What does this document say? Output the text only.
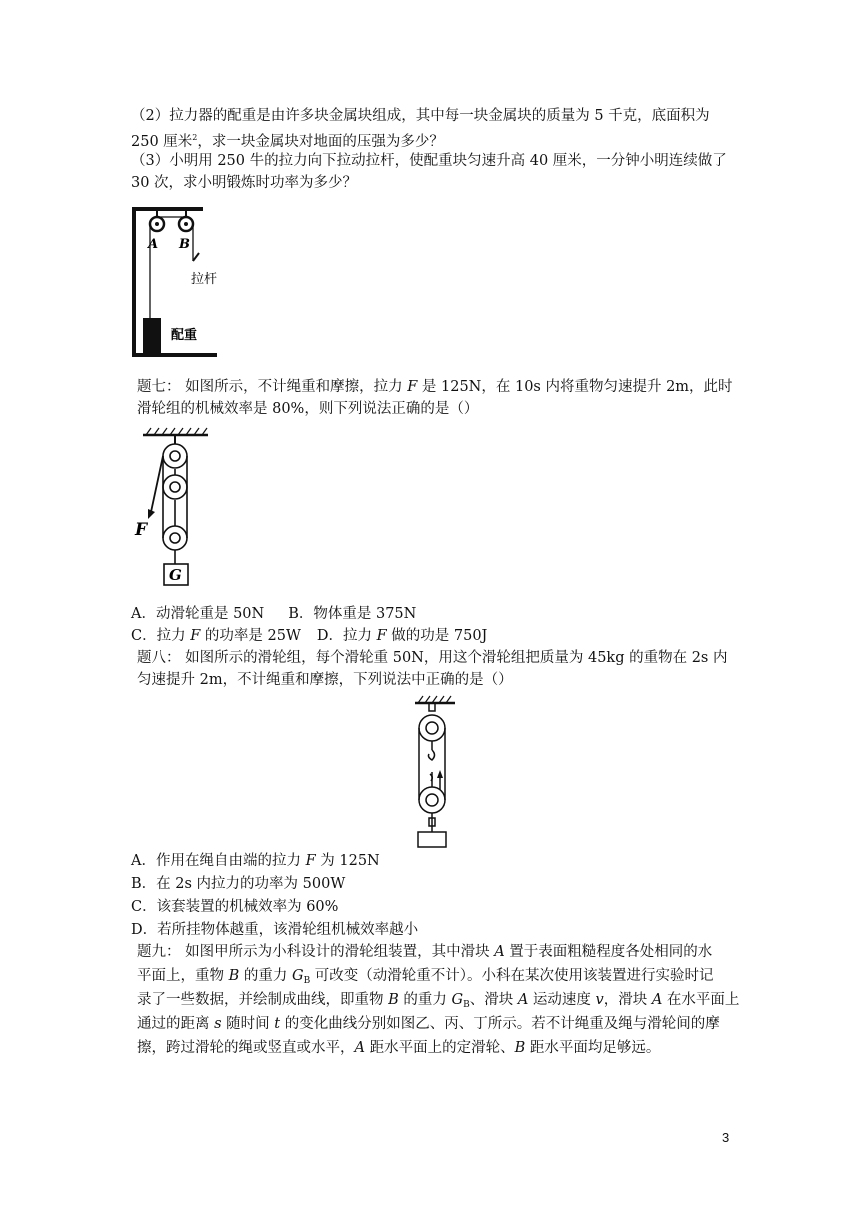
（2）拉力器的配重是由许多块金属块组成，其中每一块金属块的质量为 5 千克，底面积为
250 厘米$^2$，求一块金属块对地面的压强为多少？
（3）小明用 250 牛的拉力向下拉动拉杆，使配重块匀速升高 40 厘米，一分钟小明连续做了
30 次，求小明锻炼时功率为多少？
A B
拉杆
配重
题七： 如图所示，不计绳重和摩擦，拉力 F 是 125N，在 10s 内将重物匀速提升 2m，此时
滑轮组的机械效率是 80%，则下列说法正确的是（）
F
G
A．动滑轮重是 50N B．物体重是 375N
C．拉力 F 的功率是 25W D．拉力 F 做的功是 750J
题八： 如图所示的滑轮组，每个滑轮重 50N，用这个滑轮组把质量为 45kg 的重物在 2s 内
匀速提升 2m，不计绳重和摩擦，下列说法中正确的是（）
A．作用在绳自由端的拉力 F 为 125N
B．在 2s 内拉力的功率为 500W
C．该套装置的机械效率为 60%
D．若所挂物体越重，该滑轮组机械效率越小
题九： 如图甲所示为小科设计的滑轮组装置，其中滑块 A 置于表面粗糙程度各处相同的水
平面上，重物 B 的重力 $G_B$ 可改变（动滑轮重不计）。小科在某次使用该装置进行实验时记
录了一些数据，并绘制成曲线，即重物 B 的重力 $G_B$、滑块 A 运动速度 v，滑块 A 在水平面上
通过的距离 s 随时间 t 的变化曲线分别如图乙、丙、丁所示。若不计绳重及绳与滑轮间的摩
擦，跨过滑轮的绳或竖直或水平，A 距水平面上的定滑轮、B 距水平面均足够远。
3
